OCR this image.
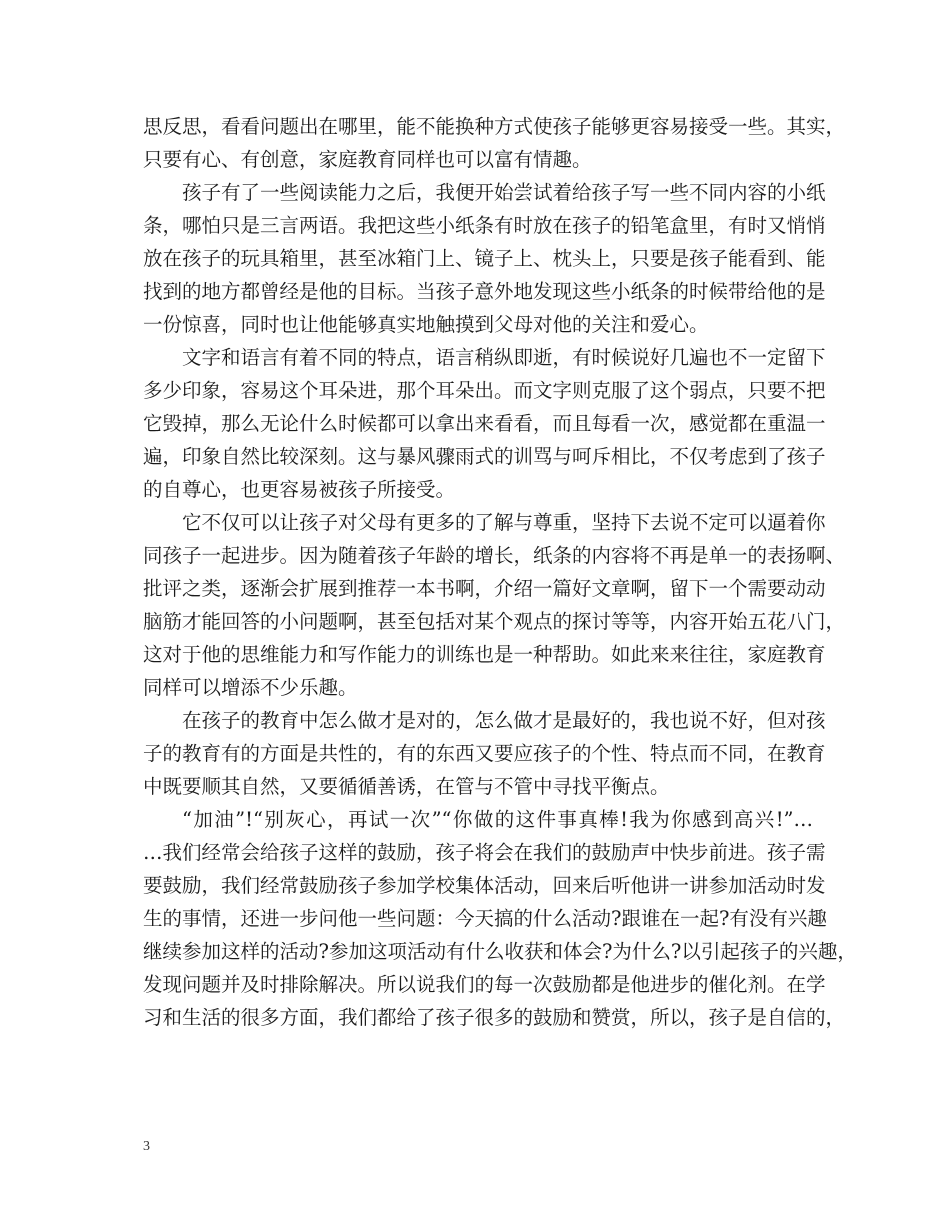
思反思，看看问题出在哪里，能不能换种方式使孩子能够更容易接受一些。其实，
只要有心、有创意，家庭教育同样也可以富有情趣。
孩子有了一些阅读能力之后，我便开始尝试着给孩子写一些不同内容的小纸
条，哪怕只是三言两语。我把这些小纸条有时放在孩子的铅笔盒里，有时又悄悄
放在孩子的玩具箱里，甚至冰箱门上、镜子上、枕头上，只要是孩子能看到、能
找到的地方都曾经是他的目标。当孩子意外地发现这些小纸条的时候带给他的是
一份惊喜，同时也让他能够真实地触摸到父母对他的关注和爱心。
文字和语言有着不同的特点，语言稍纵即逝，有时候说好几遍也不一定留下
多少印象，容易这个耳朵进，那个耳朵出。而文字则克服了这个弱点，只要不把
它毁掉，那么无论什么时候都可以拿出来看看，而且每看一次，感觉都在重温一
遍，印象自然比较深刻。这与暴风骤雨式的训骂与呵斥相比，不仅考虑到了孩子
的自尊心，也更容易被孩子所接受。
它不仅可以让孩子对父母有更多的了解与尊重，坚持下去说不定可以逼着你
同孩子一起进步。因为随着孩子年龄的增长，纸条的内容将不再是单一的表扬啊、
批评之类，逐渐会扩展到推荐一本书啊，介绍一篇好文章啊，留下一个需要动动
脑筋才能回答的小问题啊，甚至包括对某个观点的探讨等等，内容开始五花八门，
这对于他的思维能力和写作能力的训练也是一种帮助。如此来来往往，家庭教育
同样可以增添不少乐趣。
在孩子的教育中怎么做才是对的，怎么做才是最好的，我也说不好，但对孩
子的教育有的方面是共性的，有的东西又要应孩子的个性、特点而不同，在教育
中既要顺其自然，又要循循善诱，在管与不管中寻找平衡点。
“加油”!“别灰心，再试一次”“你做的这件事真棒!我为你感到高兴!”…
…我们经常会给孩子这样的鼓励，孩子将会在我们的鼓励声中快步前进。孩子需
要鼓励，我们经常鼓励孩子参加学校集体活动，回来后听他讲一讲参加活动时发
生的事情，还进一步问他一些问题：今天搞的什么活动?跟谁在一起?有没有兴趣
继续参加这样的活动?参加这项活动有什么收获和体会?为什么?以引起孩子的兴趣，
发现问题并及时排除解决。所以说我们的每一次鼓励都是他进步的催化剂。在学
习和生活的很多方面，我们都给了孩子很多的鼓励和赞赏，所以，孩子是自信的，
3
